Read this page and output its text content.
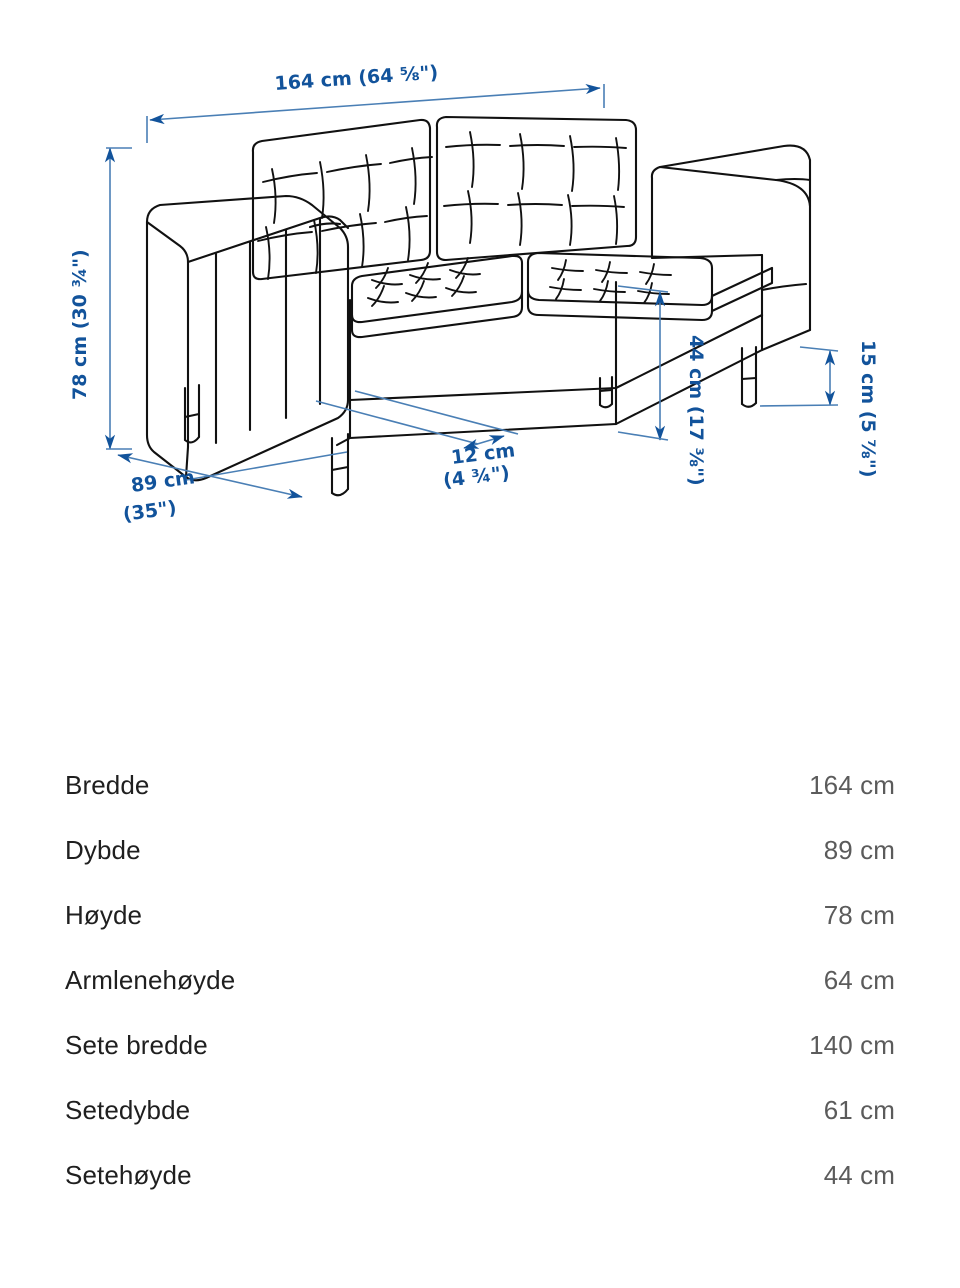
164 cm (64 ⅝")
78 cm (30 ¾")
89 cm
(35")
12 cm
(4 ¾")	44 cm (17 ⅜")	15 cm (5 ⅞")
Bredde	164 cm
Dybde	89 cm
Høyde	78 cm
Armlenehøyde	64 cm
Sete bredde	140 cm
Setedybde	61 cm
Setehøyde	44 cm
